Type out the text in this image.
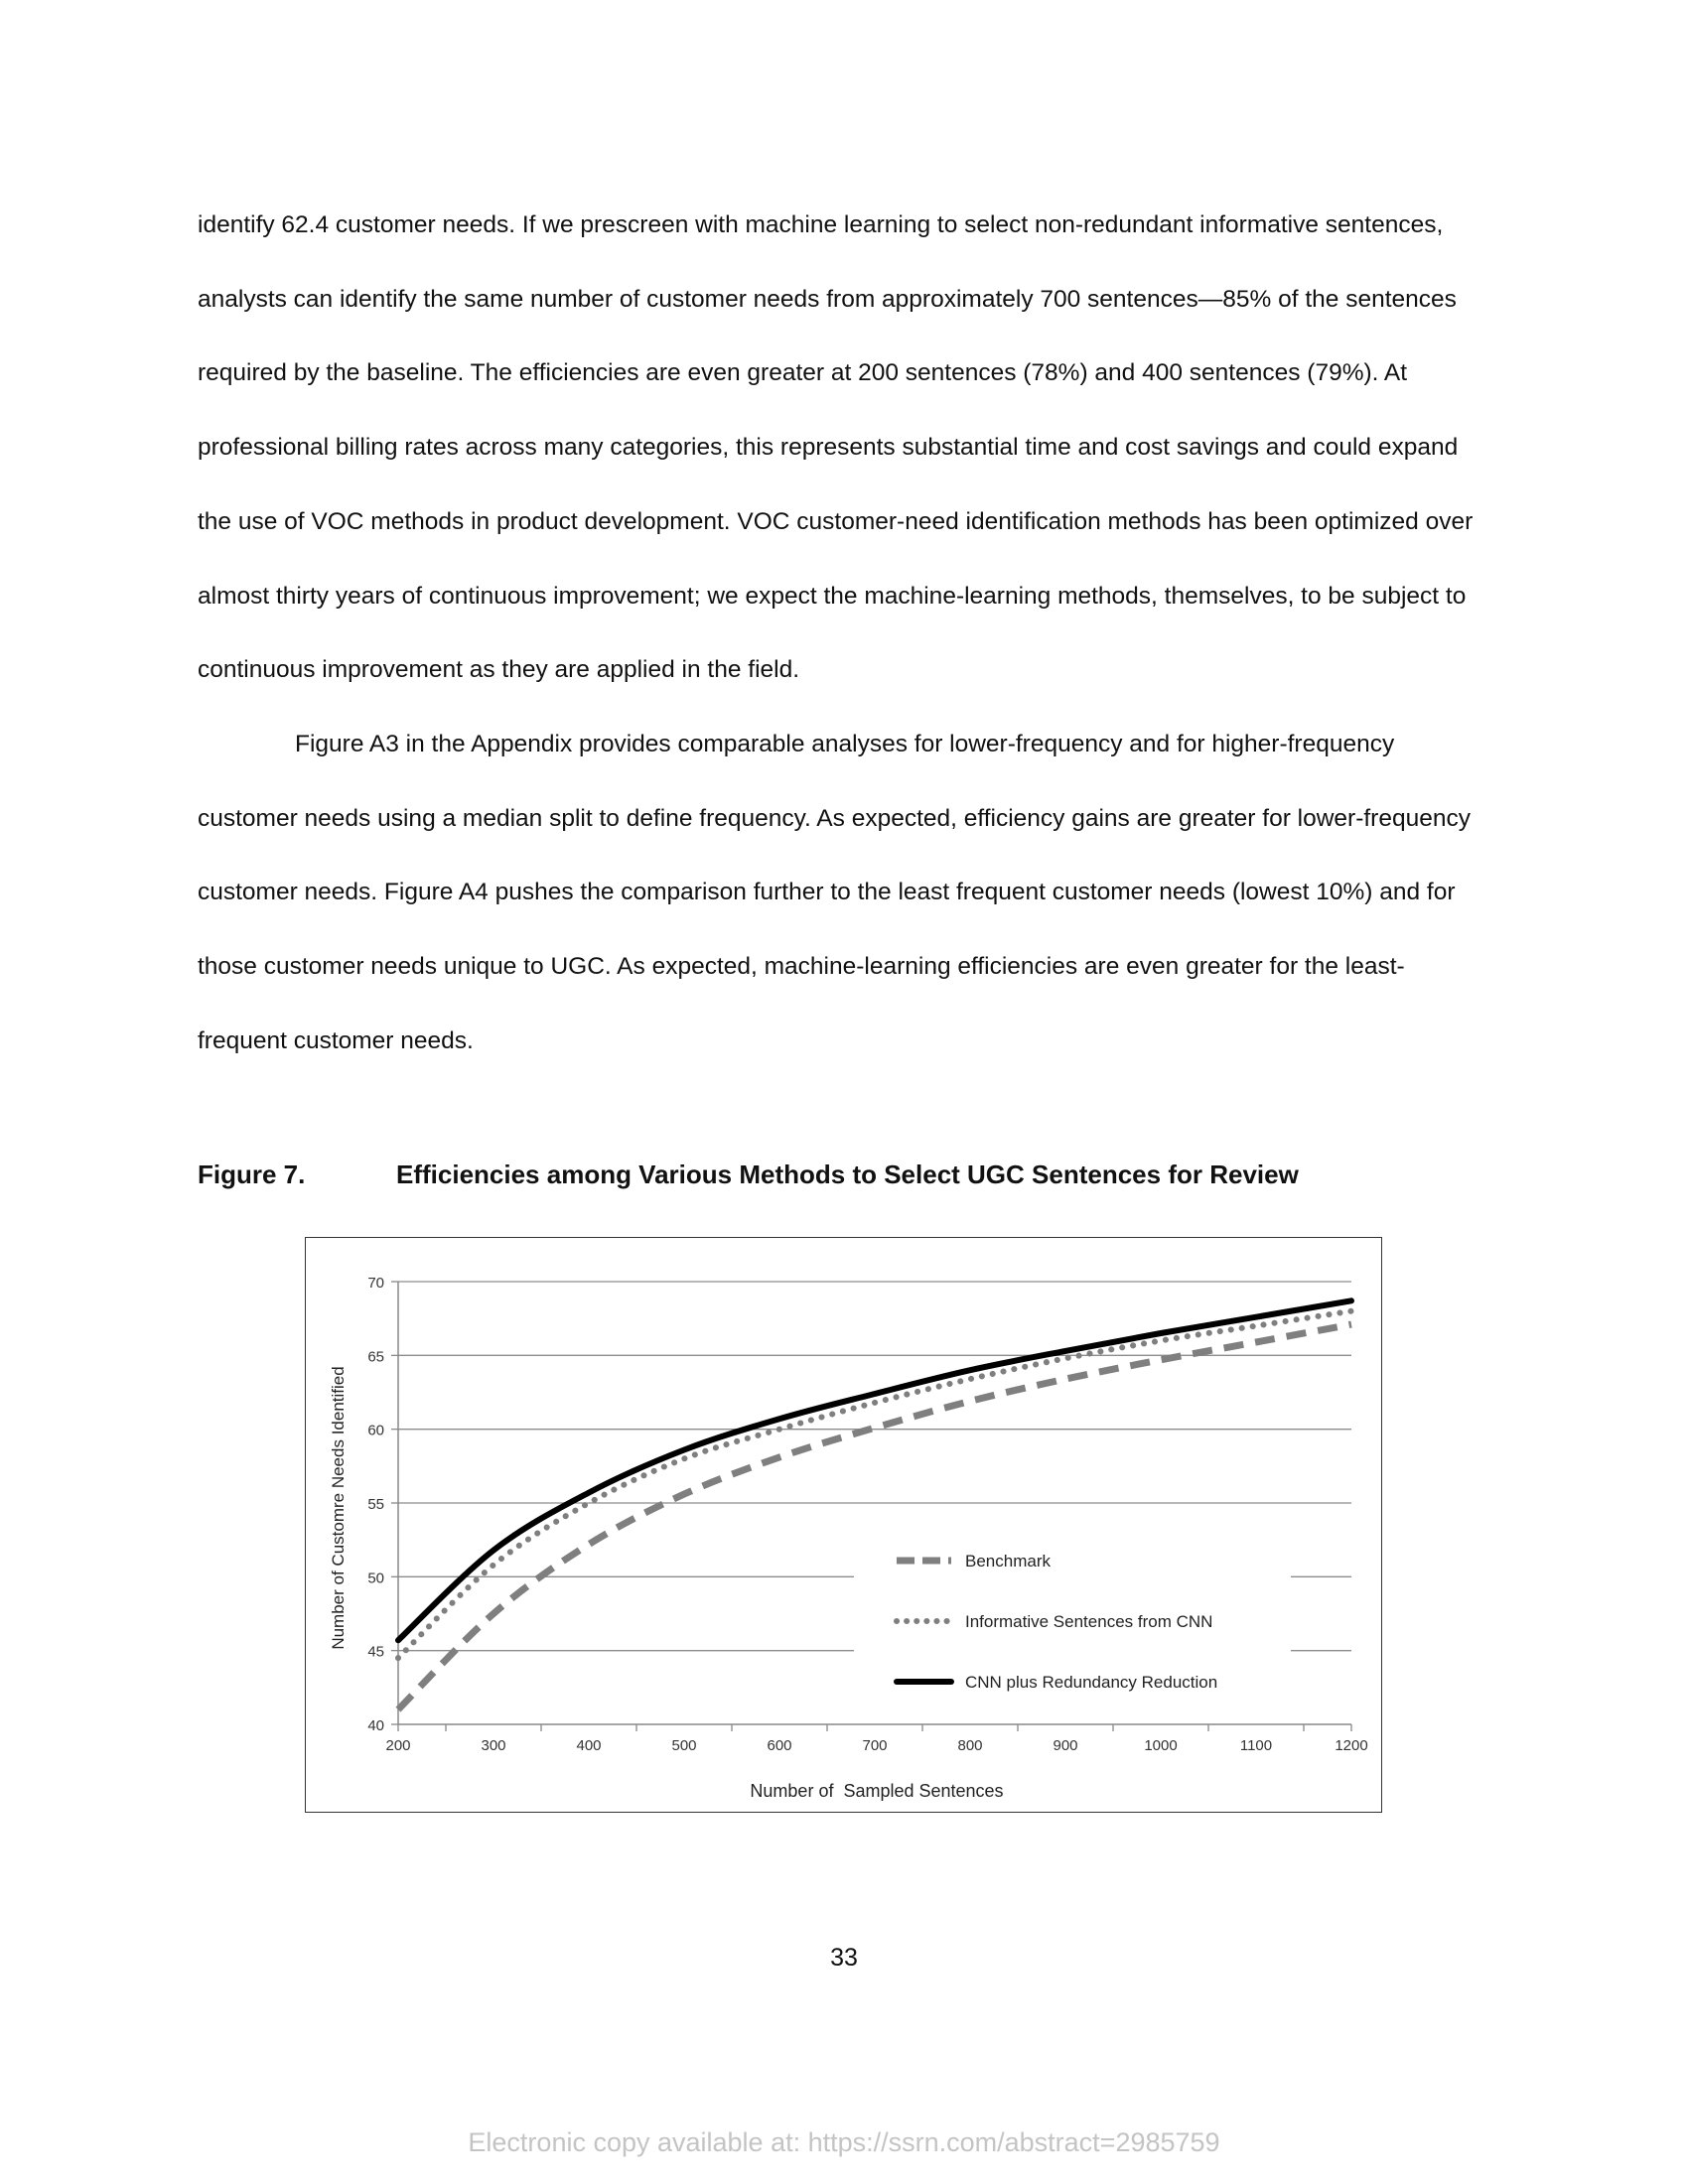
identify 62.4 customer needs. If we prescreen with machine learning to select non-redundant informative sentences, analysts can identify the same number of customer needs from approximately 700 sentences—85% of the sentences required by the baseline. The efficiencies are even greater at 200 sentences (78%) and 400 sentences (79%). At professional billing rates across many categories, this represents substantial time and cost savings and could expand the use of VOC methods in product development. VOC customer-need identification methods has been optimized over almost thirty years of continuous improvement; we expect the machine-learning methods, themselves, to be subject to continuous improvement as they are applied in the field.

Figure A3 in the Appendix provides comparable analyses for lower-frequency and for higher-frequency customer needs using a median split to define frequency. As expected, efficiency gains are greater for lower-frequency customer needs. Figure A4 pushes the comparison further to the least frequent customer needs (lowest 10%) and for those customer needs unique to UGC. As expected, machine-learning efficiencies are even greater for the least-frequent customer needs.

Figure 7.	Efficiencies among Various Methods to Select UGC Sentences for Review
40
45
50
55
60
65
70
200	300	400	500	600	700	800	900	1000	1100	1200
Benchmark
Informative Sentences from CNN
CNN plus Redundancy Reduction
Number of  Sampled Sentences
Number of Customre Needs Identified
33
Electronic copy available at: https://ssrn.com/abstract=2985759
